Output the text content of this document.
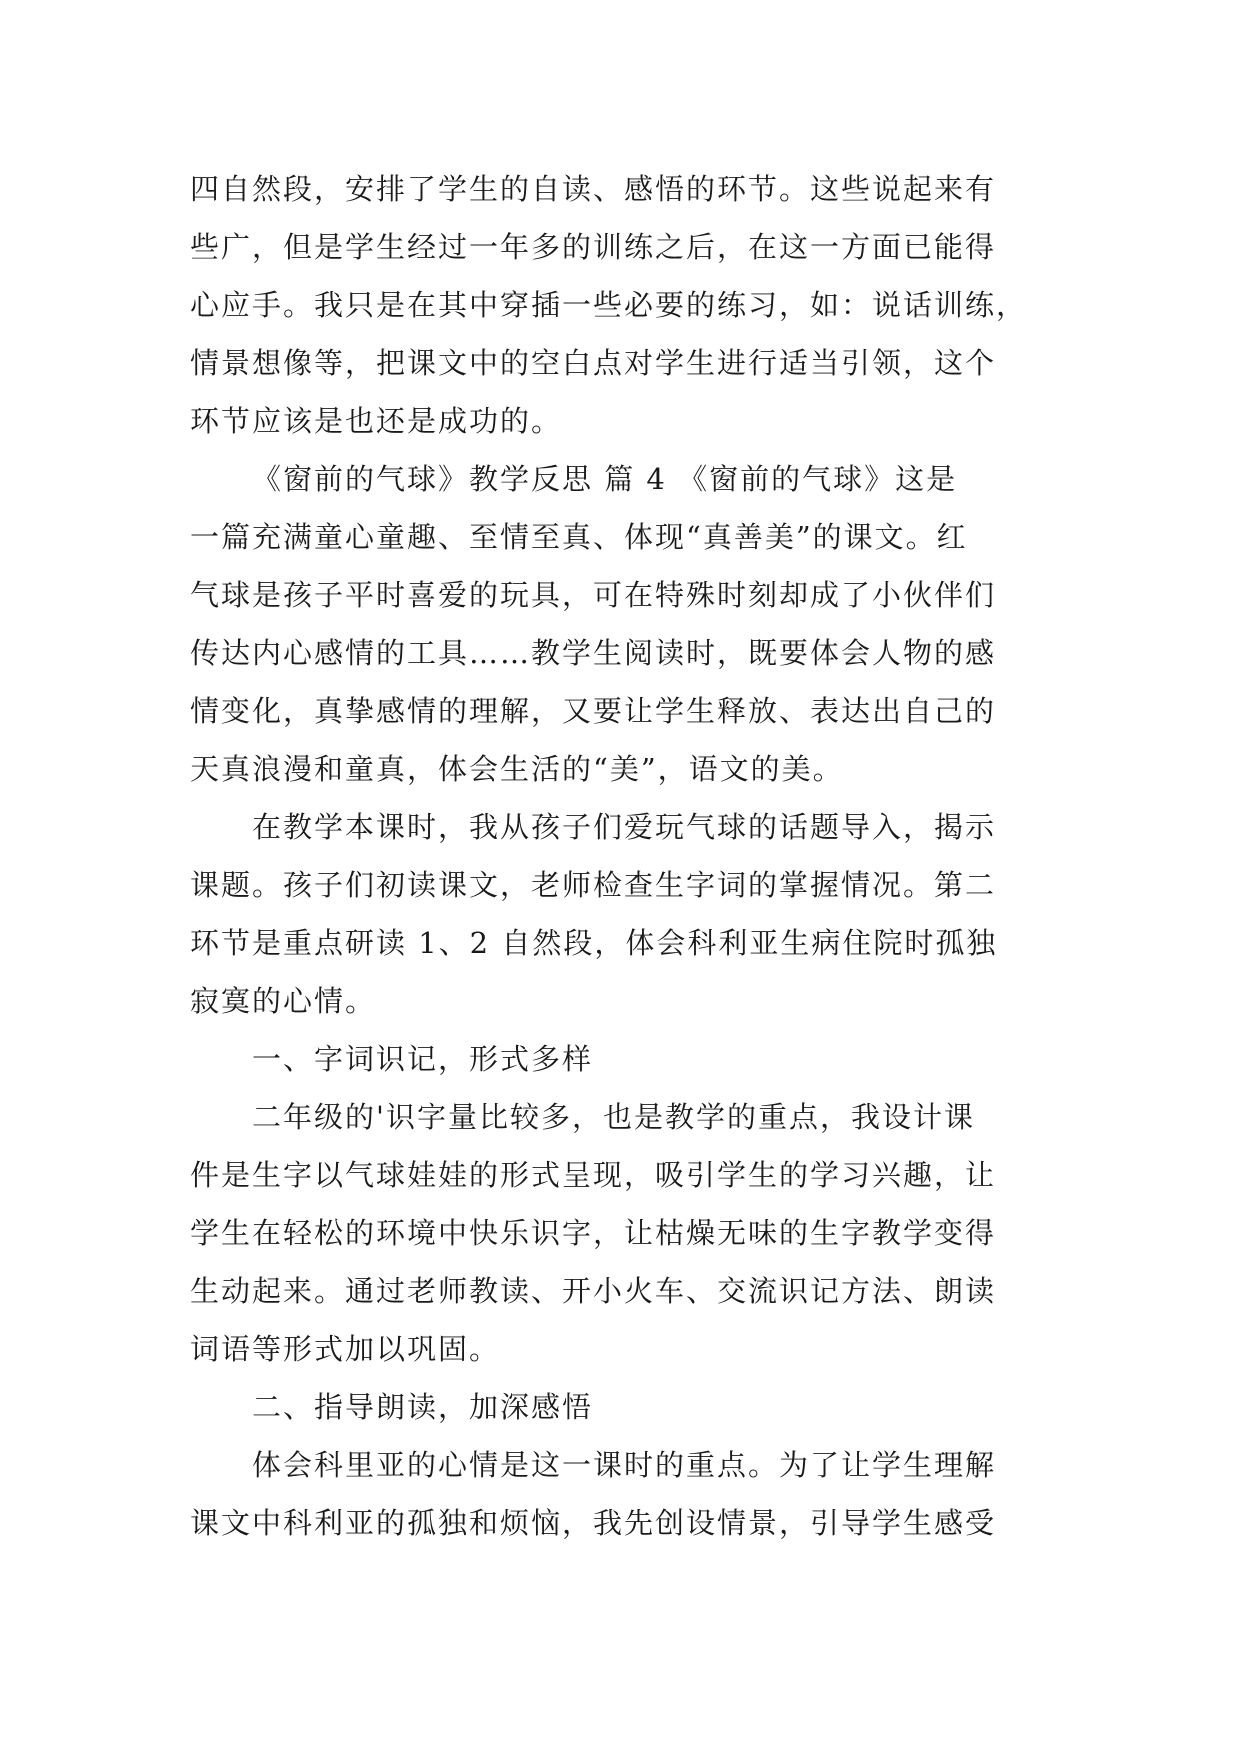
四自然段，安排了学生的自读、感悟的环节。这些说起来有
些广，但是学生经过一年多的训练之后，在这一方面已能得
心应手。我只是在其中穿插一些必要的练习，如：说话训练，
情景想像等，把课文中的空白点对学生进行适当引领，这个
环节应该是也还是成功的。
《窗前的气球》教学反思 篇 4 《窗前的气球》这是
一篇充满童心童趣、至情至真、体现“真善美”的课文。红
气球是孩子平时喜爱的玩具，可在特殊时刻却成了小伙伴们
传达内心感情的工具……教学生阅读时，既要体会人物的感
情变化，真挚感情的理解，又要让学生释放、表达出自己的
天真浪漫和童真，体会生活的“美”，语文的美。
在教学本课时，我从孩子们爱玩气球的话题导入，揭示
课题。孩子们初读课文，老师检查生字词的掌握情况。第二
环节是重点研读 1、2 自然段，体会科利亚生病住院时孤独
寂寞的心情。
一、字词识记，形式多样
二年级的'识字量比较多，也是教学的重点，我设计课
件是生字以气球娃娃的形式呈现，吸引学生的学习兴趣，让
学生在轻松的环境中快乐识字，让枯燥无味的生字教学变得
生动起来。通过老师教读、开小火车、交流识记方法、朗读
词语等形式加以巩固。
二、指导朗读，加深感悟
体会科里亚的心情是这一课时的重点。为了让学生理解
课文中科利亚的孤独和烦恼，我先创设情景，引导学生感受
